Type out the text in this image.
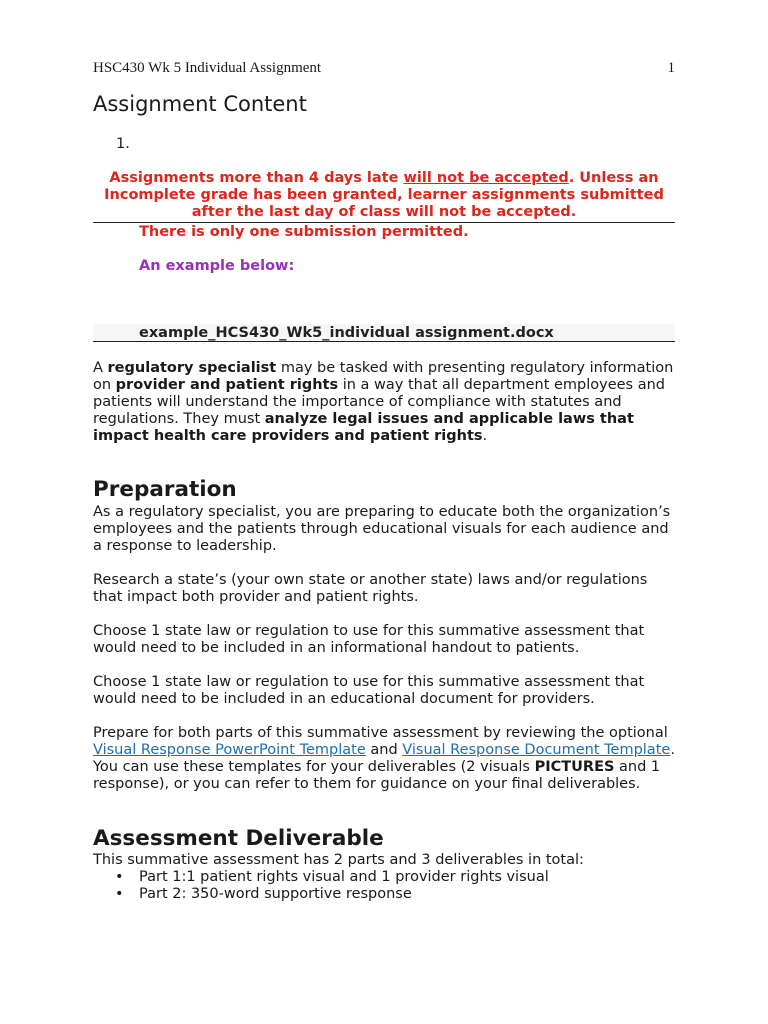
HSC430 Wk 5 Individual Assignment	1
Assignment Content
1.
Assignments more than 4 days late will not be accepted. Unless an Incomplete grade has been granted, learner assignments submitted after the last day of class will not be accepted.
There is only one submission permitted.
An example below:
example_HCS430_Wk5_individual assignment.docx

A regulatory specialist may be tasked with presenting regulatory information on provider and patient rights in a way that all department employees and patients will understand the importance of compliance with statutes and regulations. They must analyze legal issues and applicable laws that impact health care providers and patient rights.

Preparation

As a regulatory specialist, you are preparing to educate both the organization’s employees and the patients through educational visuals for each audience and a response to leadership.

Research a state’s (your own state or another state) laws and/or regulations that impact both provider and patient rights.

Choose 1 state law or regulation to use for this summative assessment that would need to be included in an informational handout to patients.

Choose 1 state law or regulation to use for this summative assessment that would need to be included in an educational document for providers.

Prepare for both parts of this summative assessment by reviewing the optional Visual Response PowerPoint Template and Visual Response Document Template. You can use these templates for your deliverables (2 visuals PICTURES and 1 response), or you can refer to them for guidance on your final deliverables.

Assessment Deliverable

This summative assessment has 2 parts and 3 deliverables in total:

• Part 1:1 patient rights visual and 1 provider rights visual
• Part 2: 350-word supportive response
